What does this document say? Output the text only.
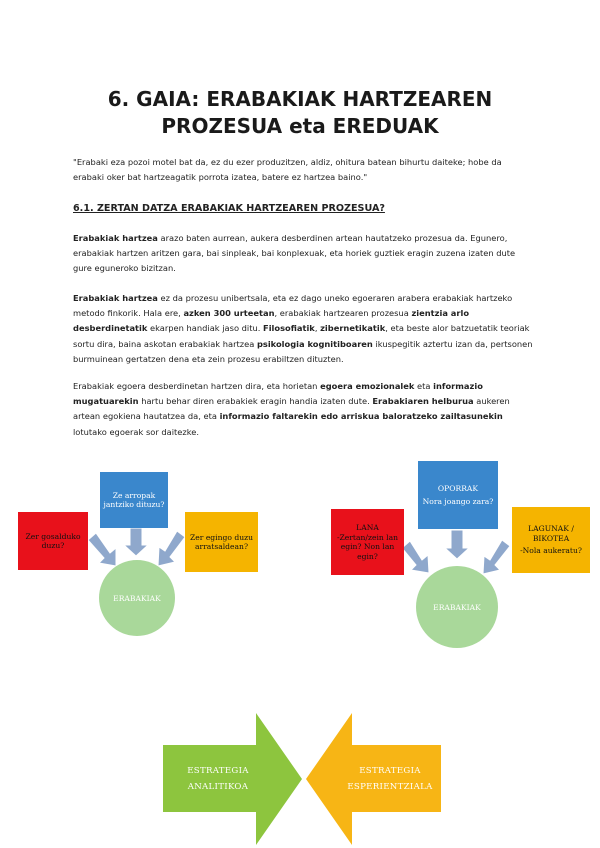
6. GAIA: ERABAKIAK HARTZEAREN
PROZESUA eta EREDUAK
"Erabaki eza pozoi motel bat da, ez du ezer produzitzen, aldiz, ohitura batean bihurtu daiteke; hobe da erabaki oker bat hartzeagatik porrota izatea, batere ez hartzea baino."
6.1. ZERTAN DATZA ERABAKIAK HARTZEAREN PROZESUA?
Erabakiak hartzea arazo baten aurrean, aukera desberdinen artean hautatzeko prozesua da. Egunero, erabakiak hartzen aritzen gara, bai sinpleak, bai konplexuak, eta horiek guztiek eragin zuzena izaten dute gure eguneroko bizitzan.
Erabakiak hartzea ez da prozesu unibertsala, eta ez dago uneko egoeraren arabera erabakiak hartzeko metodo finkorik. Hala ere, azken 300 urteetan, erabakiak hartzearen prozesua zientzia arlo desberdinetatik ekarpen handiak jaso ditu. Filosofiatik, zibernetikatik, eta beste alor batzuetatik teoriak sortu dira, baina askotan erabakiak hartzea psikologia kognitiboaren ikuspegitik aztertu izan da, pertsonen burmuinean gertatzen dena eta zein prozesu erabiltzen dituzten.
Erabakiak egoera desberdinetan hartzen dira, eta horietan egoera emozionalek eta informazio mugatuarekin hartu behar diren erabakiek eragin handia izaten dute. Erabakiaren helburua aukeren artean egokiena hautatzea da, eta informazio faltarekin edo arriskua baloratzeko zailtasunekin lotutako egoerak sor daitezke.
Ze arropak jantziko dituzu?
Zer gosalduko duzu?
Zer egingo duzu arratsaldean?
ERABAKIAK
OPORRAK
Nora joango zara?
LANA
-Zertan/zein lan egin? Non lan egin?
LAGUNAK / BIKOTEA
-Nola aukeratu?
ERABAKIAK
ESTRATEGIA
ANALITIKOA
ESTRATEGIA
ESPERIENTZIALA
